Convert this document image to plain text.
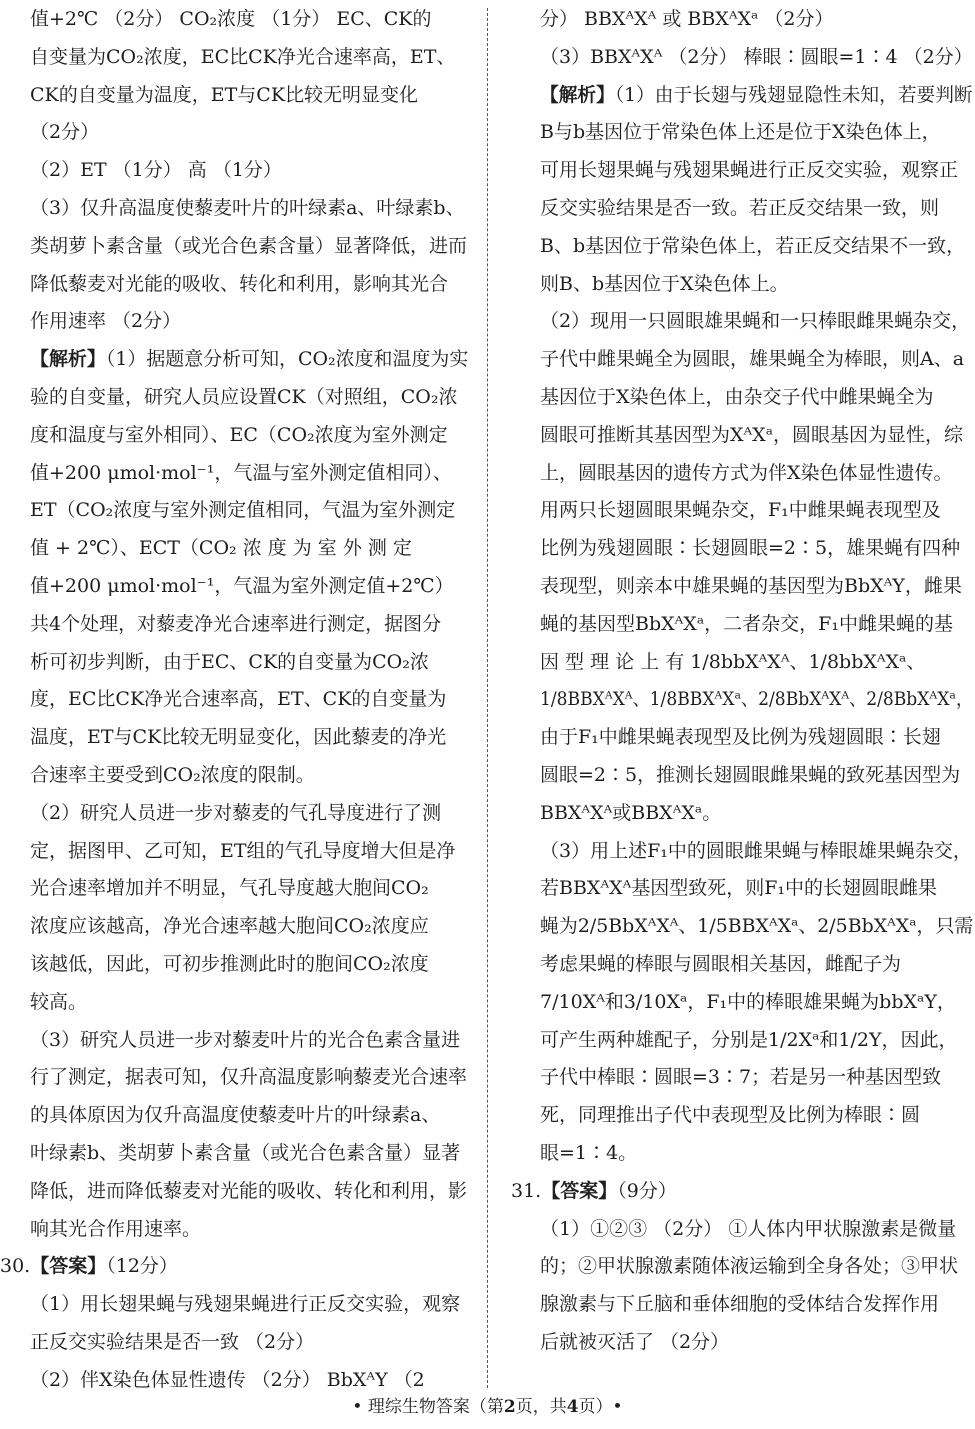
值+2℃ （2分） CO₂浓度 （1分） EC、CK的
自变量为CO₂浓度，EC比CK净光合速率高，ET、
CK的自变量为温度，ET与CK比较无明显变化
（2分）
（2）ET （1分） 高 （1分）
（3）仅升高温度使藜麦叶片的叶绿素a、叶绿素b、
类胡萝卜素含量（或光合色素含量）显著降低，进而
降低藜麦对光能的吸收、转化和利用，影响其光合
作用速率 （2分）
【解析】（1）据题意分析可知，CO₂浓度和温度为实
验的自变量，研究人员应设置CK（对照组，CO₂浓
度和温度与室外相同）、EC（CO₂浓度为室外测定
值+200 μmol·mol⁻¹，气温与室外测定值相同）、
ET（CO₂浓度与室外测定值相同，气温为室外测定
值 + 2℃）、ECT（CO₂ 浓 度 为 室 外 测 定
值+200 μmol·mol⁻¹，气温为室外测定值+2℃）
共4个处理，对藜麦净光合速率进行测定，据图分
析可初步判断，由于EC、CK的自变量为CO₂浓
度，EC比CK净光合速率高，ET、CK的自变量为
温度，ET与CK比较无明显变化，因此藜麦的净光
合速率主要受到CO₂浓度的限制。
（2）研究人员进一步对藜麦的气孔导度进行了测
定，据图甲、乙可知，ET组的气孔导度增大但是净
光合速率增加并不明显，气孔导度越大胞间CO₂
浓度应该越高，净光合速率越大胞间CO₂浓度应
该越低，因此，可初步推测此时的胞间CO₂浓度
较高。
（3）研究人员进一步对藜麦叶片的光合色素含量进
行了测定，据表可知，仅升高温度影响藜麦光合速率
的具体原因为仅升高温度使藜麦叶片的叶绿素a、
叶绿素b、类胡萝卜素含量（或光合色素含量）显著
降低，进而降低藜麦对光能的吸收、转化和利用，影
响其光合作用速率。
30.【答案】（12分）
（1）用长翅果蝇与残翅果蝇进行正反交实验，观察
正反交实验结果是否一致 （2分）
（2）伴X染色体显性遗传 （2分） BbXᴬY （2
分） BBXᴬXᴬ 或 BBXᴬXᵃ （2分）
（3）BBXᴬXᴬ （2分） 棒眼∶圆眼=1∶4 （2分）
【解析】（1）由于长翅与残翅显隐性未知，若要判断
B与b基因位于常染色体上还是位于X染色体上，
可用长翅果蝇与残翅果蝇进行正反交实验，观察正
反交实验结果是否一致。若正反交结果一致，则
B、b基因位于常染色体上，若正反交结果不一致，
则B、b基因位于X染色体上。
（2）现用一只圆眼雄果蝇和一只棒眼雌果蝇杂交，
子代中雌果蝇全为圆眼，雄果蝇全为棒眼，则A、a
基因位于X染色体上，由杂交子代中雌果蝇全为
圆眼可推断其基因型为XᴬXᵃ，圆眼基因为显性，综
上，圆眼基因的遗传方式为伴X染色体显性遗传。
用两只长翅圆眼果蝇杂交，F₁中雌果蝇表现型及
比例为残翅圆眼∶长翅圆眼=2∶5，雄果蝇有四种
表现型，则亲本中雄果蝇的基因型为BbXᴬY，雌果
蝇的基因型BbXᴬXᵃ，二者杂交，F₁中雌果蝇的基
因 型 理 论 上 有 1/8bbXᴬXᴬ、1/8bbXᴬXᵃ、
1/8BBXᴬXᴬ、1/8BBXᴬXᵃ、2/8BbXᴬXᴬ、2/8BbXᴬXᵃ，
由于F₁中雌果蝇表现型及比例为残翅圆眼∶长翅
圆眼=2∶5，推测长翅圆眼雌果蝇的致死基因型为
BBXᴬXᴬ或BBXᴬXᵃ。
（3）用上述F₁中的圆眼雌果蝇与棒眼雄果蝇杂交，
若BBXᴬXᴬ基因型致死，则F₁中的长翅圆眼雌果
蝇为2/5BbXᴬXᴬ、1/5BBXᴬXᵃ、2/5BbXᴬXᵃ，只需
考虑果蝇的棒眼与圆眼相关基因，雌配子为
7/10Xᴬ和3/10Xᵃ，F₁中的棒眼雄果蝇为bbXᵃY，
可产生两种雄配子，分别是1/2Xᵃ和1/2Y，因此，
子代中棒眼∶圆眼=3∶7；若是另一种基因型致
死，同理推出子代中表现型及比例为棒眼∶圆
眼=1∶4。
31.【答案】（9分）
（1）①②③ （2分） ①人体内甲状腺激素是微量
的；②甲状腺激素随体液运输到全身各处；③甲状
腺激素与下丘脑和垂体细胞的受体结合发挥作用
后就被灭活了 （2分）
• 理综生物答案（第2页，共4页）•
